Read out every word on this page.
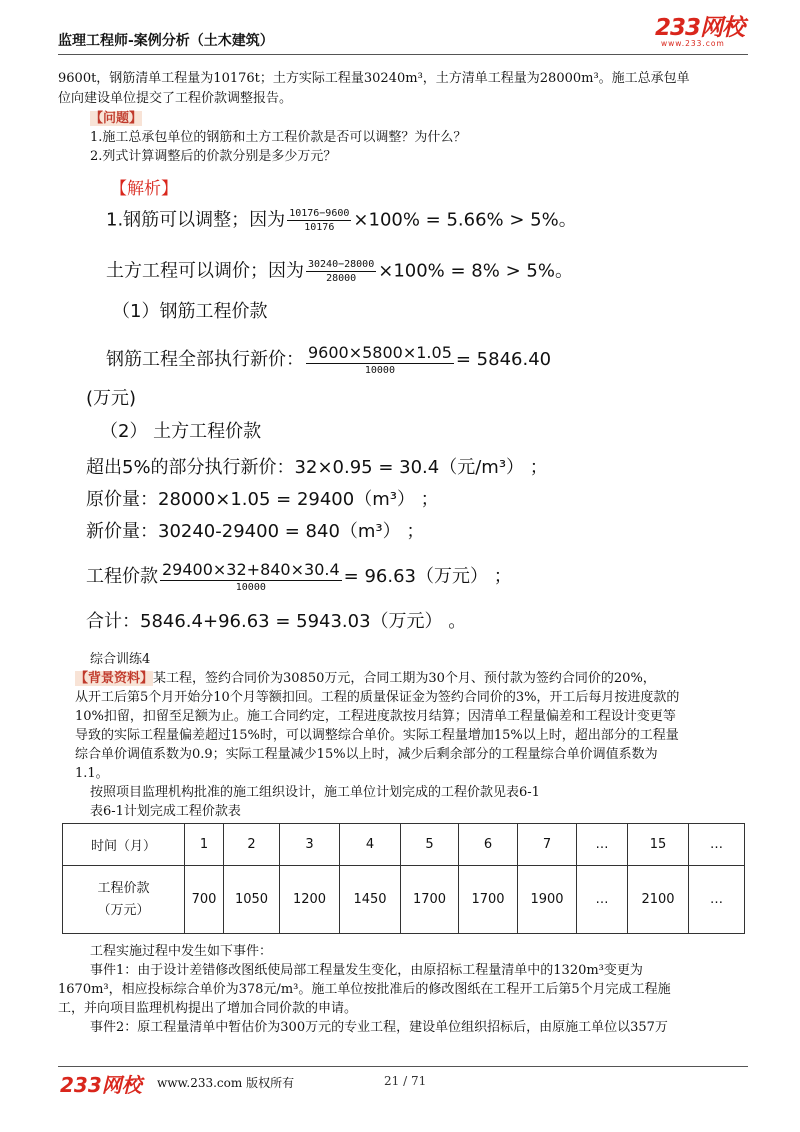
监理工程师-案例分析（土木建筑）	233网校
www.233.com
9600t，钢筋清单工程量为10176t；土方实际工程量30240m³，土方清单工程量为28000m³。施工总承包单
位向建设单位提交了工程价款调整报告。
【问题】
1.施工总承包单位的钢筋和土方工程价款是否可以调整？为什么？
2.列式计算调整后的价款分别是多少万元？
【解析】
1.钢筋可以调整；因为 $\frac{10176-9600}{10176} \times 100\% = 5.66\% > 5\%$。
土方工程可以调价；因为 $\frac{30240-28000}{28000} \times 100\% = 8\% > 5\%$。
（1）钢筋工程价款
钢筋工程全部执行新价： $\frac{9600\times 5800\times 1.05}{10000} = 5846.40$
(万元)
（2） 土方工程价款
超出5%的部分执行新价：32×0.95 = 30.4（元/m³） ；
原价量：28000×1.05 = 29400（m³） ；
新价量：30240-29400 = 840（m³） ；
工程价款 $\frac{29400\times 32+840\times 30.4}{10000} = 96.63$（万元） ；
合计：5846.4+96.63 = 5943.03（万元） 。
综合训练4
【背景资料】某工程，签约合同价为30850万元，合同工期为30个月、预付款为签约合同价的20%，
从开工后第5个月开始分10个月等额扣回。工程的质量保证金为签约合同价的3%，开工后每月按进度款的
10%扣留，扣留至足额为止。施工合同约定，工程进度款按月结算；因清单工程量偏差和工程设计变更等
导致的实际工程量偏差超过15%时，可以调整综合单价。实际工程量增加15%以上时，超出部分的工程量
综合单价调值系数为0.9；实际工程量减少15%以上时，减少后剩余部分的工程量综合单价调值系数为
1.1。
按照项目监理机构批准的施工组织设计，施工单位计划完成的工程价款见表6-1
表6-1计划完成工程价款表
时间（月）	1	2	3	4	5	6	7	…	15	…

工程价款
（万元）	700	1050	1200	1450	1700	1700	1900	…	2100	…
工程实施过程中发生如下事件：
事件1：由于设计差错修改图纸使局部工程量发生变化，由原招标工程量清单中的1320m³变更为
1670m³，相应投标综合单价为378元/m³。施工单位按批准后的修改图纸在工程开工后第5个月完成工程施
工，并向项目监理机构提出了增加合同价款的申请。
事件2：原工程量清单中暂估价为300万元的专业工程，建设单位组织招标后，由原施工单位以357万
233网校 www.233.com 版权所有	21 / 71
